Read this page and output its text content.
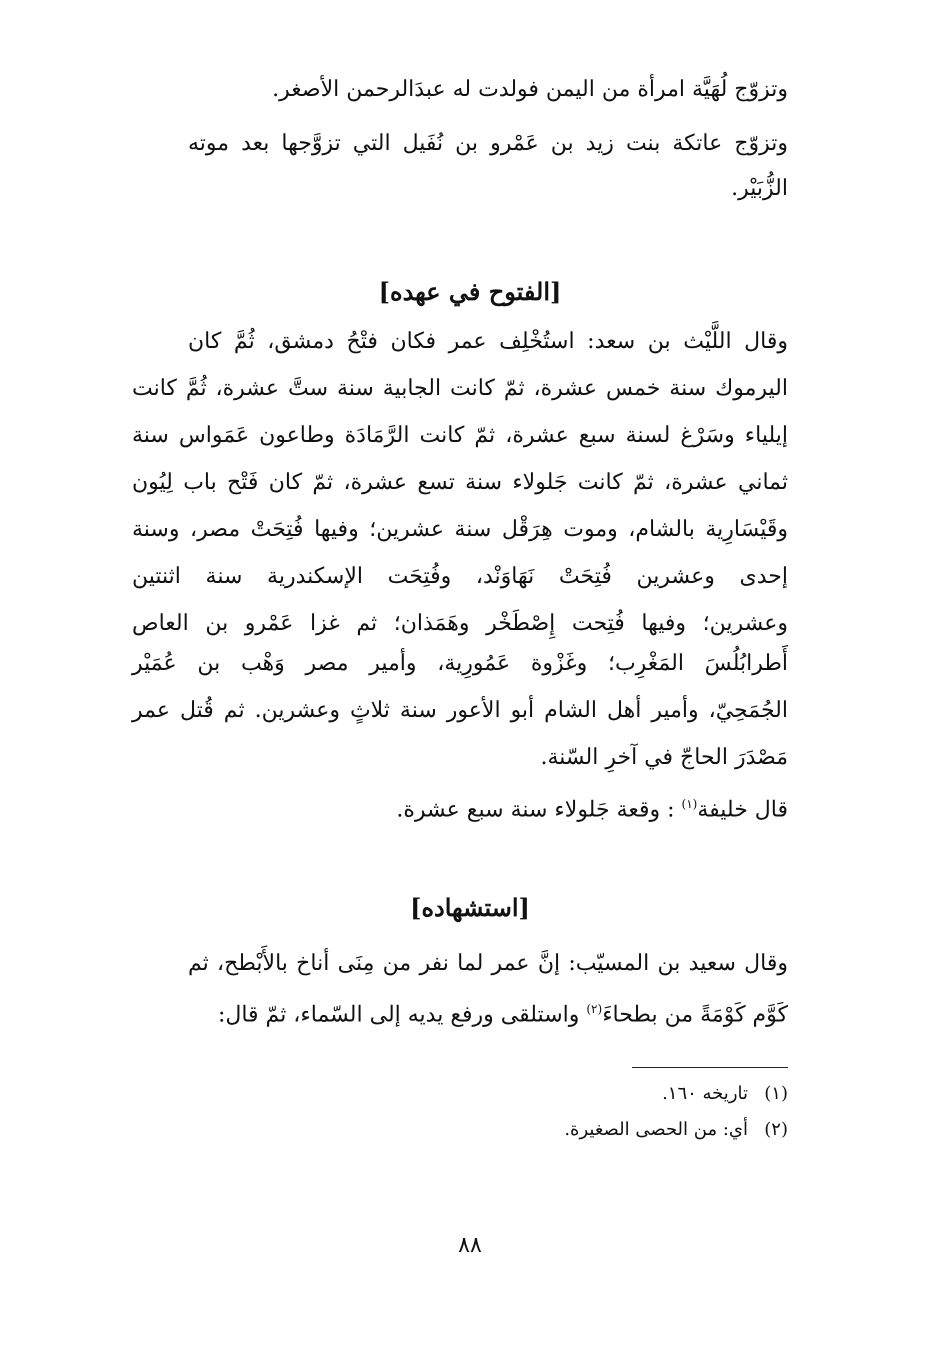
وتزوّج لُهَيَّة امرأة من اليمن فولدت له عبدَالرحمن الأصغر.
وتزوّج عاتكة بنت زيد بن عَمْرو بن نُفَيل التي تزوَّجها بعد موته
الزُّبَيْر.
[الفتوح في عهده]
وقال اللَّيْث بن سعد: استُخْلِف عمر فكان فتْحُ دمشق، ثُمَّ كان
اليرموك سنة خمس عشرة، ثمّ كانت الجابية سنة ستَّ عشرة، ثُمَّ كانت
إيلياء وسَرْغ لسنة سبع عشرة، ثمّ كانت الرَّمَادَة وطاعون عَمَواس سنة
ثماني عشرة، ثمّ كانت جَلولاء سنة تسع عشرة، ثمّ كان فَتْح باب لِيُون
وقَيْسَارِية بالشام، وموت هِرَقْل سنة عشرين؛ وفيها فُتِحَتْ مصر، وسنة
إحدى وعشرين فُتِحَتْ نَهَاوَنْد، وفُتِحَت الإسكندرية سنة اثنتين
وعشرين؛ وفيها فُتِحت إِصْطَخْر وهَمَذان؛ ثم غزا عَمْرو بن العاص
أَطرابُلُسَ المَغْرِب؛ وغَزْوة عَمُورِية، وأمير مصر وَهْب بن عُمَيْر
الجُمَحِيّ، وأمير أهل الشام أبو الأعور سنة ثلاثٍ وعشرين. ثم قُتل عمر
مَصْدَرَ الحاجّ في آخرِ السّنة.
قال خليفة$^{(١)}$ : وقعة جَلولاء سنة سبع عشرة.
[استشهاده]
وقال سعيد بن المسيّب: إنَّ عمر لما نفر من مِنَى أناخ بالأَبْطح، ثم
كَوَّم كَوْمَةً من بطحاءَ$^{(٢)}$ واستلقى ورفع يديه إلى السّماء، ثمّ قال:
(١)تاريخه ١٦٠.
(٢)أي: من الحصى الصغيرة.
٨٨
